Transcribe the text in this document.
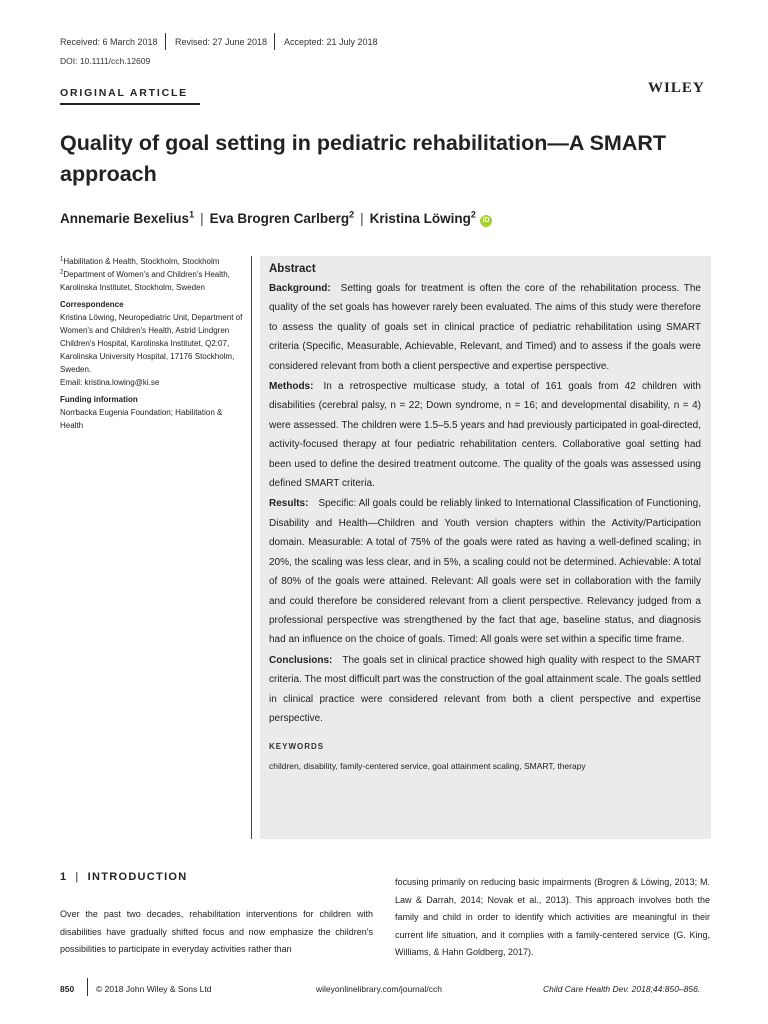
Received: 6 March 2018 Revised: 27 June 2018 Accepted: 21 July 2018
DOI: 10.1111/cch.12609
ORIGINAL ARTICLE	WILEY
Quality of goal setting in pediatric rehabilitation—A SMART approach
Annemarie Bexelius$^1$ | Eva Brogren Carlberg$^2$ | Kristina Löwing$^2$iD

$^1$Habilitation & Health, Stockholm, Stockholm

$^2$Department of Women's and Children's Health, Karolinska Institutet, Stockholm, Sweden

Correspondence

Kristina Löwing, Neuropediatric Unit, Department of Women's and Children's Health, Astrid Lindgren Children's Hospital, Karolinska Institutet, Q2:07, Karolinska University Hospital, 17176 Stockholm, Sweden.

Email: kristina.lowing@ki.se

Funding information

Norrbacka Eugenia Foundation; Habilitation & Health

Abstract

Background: Setting goals for treatment is often the core of the rehabilitation process. The quality of the set goals has however rarely been evaluated. The aims of this study were therefore to assess the quality of goals set in clinical practice of pediatric rehabilitation using SMART criteria (Specific, Measurable, Achievable, Relevant, and Timed) and to assess if the goals were considered relevant from both a client perspective and expertise perspective.

Methods: In a retrospective multicase study, a total of 161 goals from 42 children with disabilities (cerebral palsy, n = 22; Down syndrome, n = 16; and developmental disability, n = 4) were assessed. The children were 1.5–5.5 years and had previously participated in goal-directed, activity-focused therapy at four pediatric rehabilitation centers. Collaborative goal setting had been used to define the desired treatment outcome. The quality of the goals was assessed using defined SMART criteria.

Results: Specific: All goals could be reliably linked to International Classification of Functioning, Disability and Health—Children and Youth version chapters within the Activity/Participation domain. Measurable: A total of 75% of the goals were rated as having a well-defined scaling; in 20%, the scaling was less clear, and in 5%, a scaling could not be determined. Achievable: A total of 80% of the goals were attained. Relevant: All goals were set in collaboration with the family and could therefore be considered relevant from a client perspective. Relevancy judged from a professional perspective was strengthened by the fact that age, baseline status, and diagnosis had an influence on the choice of goals. Timed: All goals were set within a specific time frame.

Conclusions: The goals set in clinical practice showed high quality with respect to the SMART criteria. The most difficult part was the construction of the goal attainment scale. The goals settled in clinical practice were considered relevant from both a client perspective and expertise perspective.

KEYWORDS
children, disability, family-centered service, goal attainment scaling, SMART, therapy
1 | INTRODUCTION
Over the past two decades, rehabilitation interventions for children with disabilities have gradually shifted focus and now emphasize the children's possibilities to participate in everyday activities rather than
focusing primarily on reducing basic impairments (Brogren & Löwing, 2013; M. Law & Darrah, 2014; Novak et al., 2013). This approach involves both the family and child in order to identify which activities are meaningful in their current life situation, and it complies with a family-centered service (G. King, Williams, & Hahn Goldberg, 2017).
850	© 2018 John Wiley & Sons Ltd	wileyonlinelibrary.com/journal/cch	Child Care Health Dev. 2018;44:850–856.
